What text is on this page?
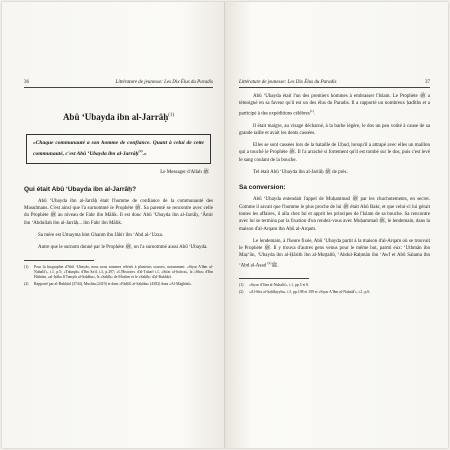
36	Littérature de jeunesse: Les Dix Élus du Paradis
Abû ‘Ubayda ibn al-Jarrâḥ$^{(1)}$
«Chaque communauté a son homme de confiance. Quant à celui de cette communauté, c'est Abû ‘Ubayda ibn al-Jarrâḥ$^{(2)}$.»
Le Messager d'Allah ﷺ
Qui était Abû ‘Ubayda ibn al-Jarrâḥ?

Abû ‘Ubayda ibn al-Jarrâḥ était l'homme de confiance de la communauté des Musulmans. C'est ainsi que l'a surnommé le Prophète ﷺ. Sa parenté se rencontre avec celle du Prophète ﷺ au niveau de Fahr ibn Mâlik. Il est donc Abû ‘Ubayda ibn al-Jarrâḥ, ‘Âmir ibn ‘Abdullah ibn al-Jarrâḥ... ibn Fahr ibn Mâlik.

Sa mère est Umayma bint Ghanm ibn Jâbir ibn ‘Abd al-‘Uzza.

Autre que le surnom donné par le Prophète ﷺ, on l'a surnommé aussi Abû ‘Ubayda.

(1)	Pour la biographie d'Abû ‘Ubayda, nous nous sommes référés à plusieurs sources, notamment: «Siyar A'lâm al-Nubalâ'», t.1, p.5; «Ṭabaqât» d'Ibn Sa'd, t.3, p.297; «L'Histoire» d'al-Ṭabarî t.1, «Ṣifat al-Ṣafwa», la «Sîra» d'Ibn Hishâm, «al-Iṣâba fî Tamyîz al-Ṣaḥâba», le «Ṣaḥîḥ» de Muslim et le «Ṣaḥîḥ» d'al-Bukhârî.
(2)	Rapporté par al-Bukhârî (3744), Muslim (2419) et dans «Fâḍâ'il al-Ṣaḥâba» (4382) dans «Al-Maghâzî».
Littérature de jeunesse: Les Dix Élus du Paradis	37

Abû ‘Ubayda était l'un des premiers hommes à embrasser l'Islam. Le Prophète ﷺ a témoigné en sa faveur qu'il est un des élus du Paradis. Il a rapporté un nombreux ḥadîths et a participé à des expéditions célèbres$^{(1)}$.

Il était maigre, au visage décharné, à la barbe légère, le dos un peu voûté à cause de sa grande taille et avait les dents cassées.

Elles se sont cassées lors de la bataille de Uḥud, lorsqu'il a attrapé avec elles un maillon qui a touché le Prophète ﷺ. Il l'a arraché si fortement qu'il est tombé sur le dos, puis c'est levé le sang coulant de la bouche.

Tel était Abû ‘Ubayda ibn al-Jarrâḥ ﷺ de près.

Sa conversion:

Abû ‘Ubayda entendait l'appel de Muḥammad ﷺ par les chuchotements, en secret. Comme il savait que l'homme le plus proche de lui ﷺ était Abû Bakr, et que celui-ci lui gérait toutes les affaires, il alla chez lui et apprit les principes de l'Islam de sa bouche. Sa rencontre avec lui se termina par la fixation d'un rendez-vous avec Muḥammad ﷺ, le lendemain, dans la maison d'al-Arqam ibn Abû al-Arqam.

Le lendemain, à l'heure fixée, Abû ‘Ubayda partit à la maison d'al-Arqam où se trouvait le Prophète ﷺ. Il y trouva d'autres gens venus pour le même but, parmi eux: ‘Uthmân ibn Maẓ‘ûn, ‘Ubayda ibn al-Ḥârith ibn al-Muṭṭalib, ‘Abdul-Raḥmân ibn ‘Awf et Abû Salama ibn ‘Abd al-Asad ﷺ$^{(2)}$.

(1)	«Siyar A'lâm al-Nubalâ'», t.1, pp.5 et 8.
(2)	«Al-Sîra al-Ṣaḥîḥiyyîn», t.5, pp.198 et 199 et «Siyar A'lâm al-Nubalâ'», t.1, p.6.
